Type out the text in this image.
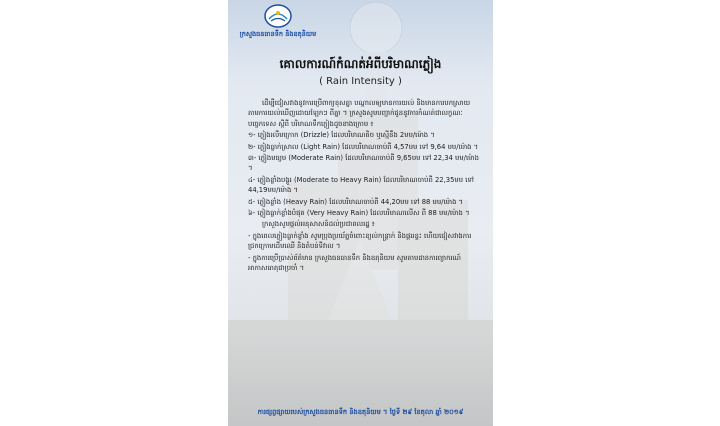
ក្រសួងធនធានទឹក និងឧតុនិយម
គោលការណ៍កំណត់អំពីបរិមាណភ្លៀង
( Rain Intensity )

ដើម្បីជៀសវាងនូវការប្រើពាក្យខុសគ្នា បណ្តាលឲ្យមានការយល់ និងមានការបកស្រាយតាមការយល់ឃើញដោយឡែកៗ ពីគ្នា ។ ក្រសួងសូមបញ្ជាក់ជូននូវការកំណត់ជាលក្ខណៈបច្ចេកទេស ស្តីពី បរិមាណទឹកភ្លៀងដូចខាងក្រោម ៖

១- ភ្លៀងរលឹមក្រោក (Drizzle) ដែលបរិមាណតិច ឬស្មើនឹង 2មម/ម៉ោង ។

២- ភ្លៀងធ្លាក់ស្រាល (Light Rain) ដែលបរិមាណចាប់ពី 4,57មម ទៅ 9,64 មម/ម៉ោង ។

៣- ភ្លៀងមធ្យម (Moderate Rain) ដែលបរិមាណចាប់ពី 9,65មម ទៅ 22,34 មម/ម៉ោង ។

៤- ភ្លៀងខ្លាំងបង្គួរ (Moderate to Heavy Rain) ដែលបរិមាណចាប់ពី 22,35មម ទៅ 44,19មម/ម៉ោង ។

៥- ភ្លៀងខ្លាំង (Heavy Rain) ដែលបរិមាណចាប់ពី 44,20មម ទៅ 88 មម/ម៉ោង ។

៦- ភ្លៀងធ្លាក់ខ្លាំងបំផុត (Very Heavy Rain) ដែលបរិមាណលើស ពី 88 មម/ម៉ោង ។

ក្រសួងសូមផ្តល់អនុសាសន៍ដល់ប្រជាពលរដ្ឋ ៖

- ក្នុងពេលភ្លៀងធ្លាក់ខ្លាំង សូមប្រុងប្រយ័ត្នចំពោះខ្យល់កន្ត្រាក់ និងផ្គររន្ទះ ហើយជៀសវាងការជ្រកក្រោមដើមឈើ និងតំបន់ទីវាល ។

- ក្នុងការប្រើប្រាស់ព័ត៌មាន ក្រសួងធនធានទឹក និងឧតុនិយម សូមតាមដានការព្យាករណ៍អាកាសធាតុជាប្រចាំ ។

ការផ្សព្វផ្សាយរបស់ក្រសួងធនធានទឹក និងឧតុនិយម ។ ថ្ងៃទី ២៩ ខែតុលា ឆ្នាំ ២០១៩
